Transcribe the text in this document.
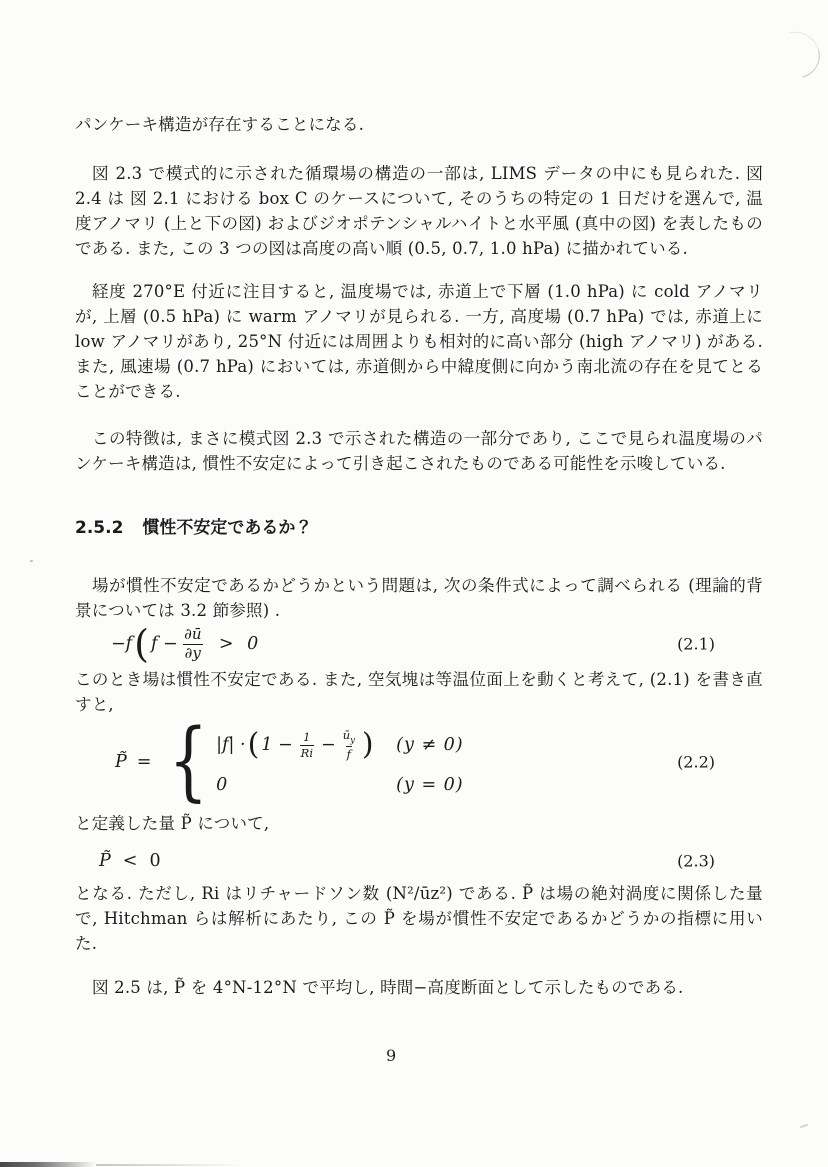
パンケーキ構造が存在することになる.

図 2.3 で模式的に示された循環場の構造の一部は, LIMS データの中にも見られた. 図 2.4 は 図 2.1 における box C のケースについて, そのうちの特定の 1 日だけを選んで, 温度アノマリ (上と下の図) およびジオポテンシャルハイトと水平風 (真中の図) を表したものである. また, この 3 つの図は高度の高い順 (0.5, 0.7, 1.0 hPa) に描かれている.

経度 270°E 付近に注目すると, 温度場では, 赤道上で下層 (1.0 hPa) に cold アノマリ が, 上層 (0.5 hPa) に warm アノマリが見られる. 一方, 高度場 (0.7 hPa) では, 赤道上に low アノマリがあり, 25°N 付近には周囲よりも相対的に高い部分 (high アノマリ) がある. また, 風速場 (0.7 hPa) においては, 赤道側から中緯度側に向かう南北流の存在を見てとることができる.

この特徴は, まさに模式図 2.3 で示された構造の一部分であり, ここで見られ温度場のパンケーキ構造は, 慣性不安定によって引き起こされたものである可能性を示唆している.

2.5.2 慣性不安定であるか？

場が慣性不安定であるかどうかという問題は, 次の条件式によって調べられる (理論的背景については 3.2 節参照) .

−f ( $f - \frac{\partial ū}{\partial y} > 0$	(2.1)

このとき場は慣性不安定である. また, 空気塊は等温位面上を動くと考えて, (2.1) を書き直すと,

P̃ = { |f| · ( $1 - \frac{1}{Ri} - \frac{ū_y}{f}$ ) (y ≠ 0)
0	(y = 0)
(2.2)

と定義した量 P̃ について,

P̃ < 0	(2.3)

となる. ただし, Ri はリチャードソン数 (N²/ūz²) である. P̃ は場の絶対渦度に関係した量で, Hitchman らは解析にあたり, この P̃ を場が慣性不安定であるかどうかの指標に用いた.

図 2.5 は, P̃ を 4°N-12°N で平均し, 時間−高度断面として示したものである.

9
